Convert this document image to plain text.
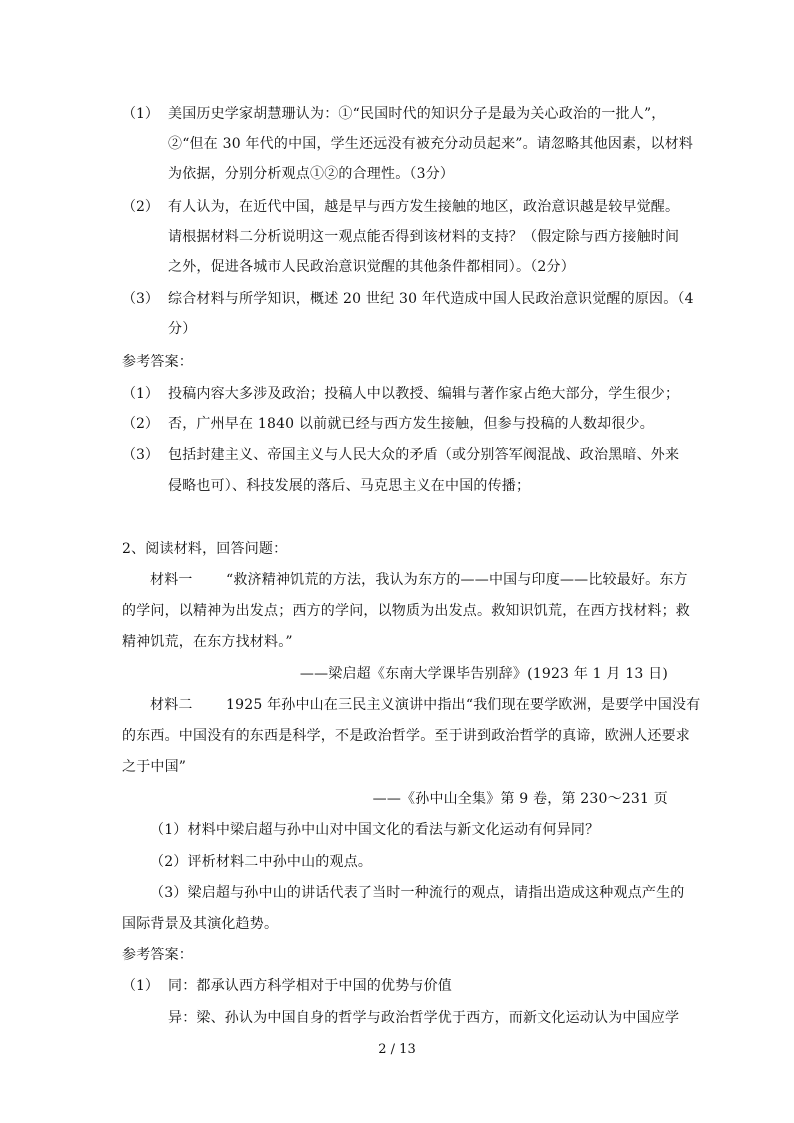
（1） 美国历史学家胡慧珊认为：①“民国时代的知识分子是最为关心政治的一批人”，
②“但在 30 年代的中国，学生还远没有被充分动员起来”。请忽略其他因素，以材料
为依据，分别分析观点①②的合理性。（3分）
（2） 有人认为，在近代中国，越是早与西方发生接触的地区，政治意识越是较早觉醒。
请根据材料二分析说明这一观点能否得到该材料的支持？（假定除与西方接触时间
之外，促进各城市人民政治意识觉醒的其他条件都相同）。（2分）
（3） 综合材料与所学知识，概述 20 世纪 30 年代造成中国人民政治意识觉醒的原因。（4
分）
参考答案：
（1） 投稿内容大多涉及政治；投稿人中以教授、编辑与著作家占绝大部分，学生很少；
（2） 否，广州早在 1840 以前就已经与西方发生接触，但参与投稿的人数却很少。
（3） 包括封建主义、帝国主义与人民大众的矛盾（或分别答军阀混战、政治黑暗、外来
侵略也可）、科技发展的落后、马克思主义在中国的传播；
2、阅读材料，回答问题：
材料一 “救济精神饥荒的方法，我认为东方的——中国与印度——比较最好。东方
的学问，以精神为出发点；西方的学问，以物质为出发点。救知识饥荒，在西方找材料；救
精神饥荒，在东方找材料。”
——梁启超《东南大学课毕告别辞》(1923 年 1 月 13 日)
材料二 1925 年孙中山在三民主义演讲中指出“我们现在要学欧洲，是要学中国没有
的东西。中国没有的东西是科学，不是政治哲学。至于讲到政治哲学的真谛，欧洲人还要求
之于中国”
——《孙中山全集》第 9 卷，第 230～231 页
（1）材料中梁启超与孙中山对中国文化的看法与新文化运动有何异同？
（2）评析材料二中孙中山的观点。
（3）梁启超与孙中山的讲话代表了当时一种流行的观点，请指出造成这种观点产生的
国际背景及其演化趋势。
参考答案：
（1） 同：都承认西方科学相对于中国的优势与价值
异：梁、孙认为中国自身的哲学与政治哲学优于西方，而新文化运动认为中国应学
2 / 13
